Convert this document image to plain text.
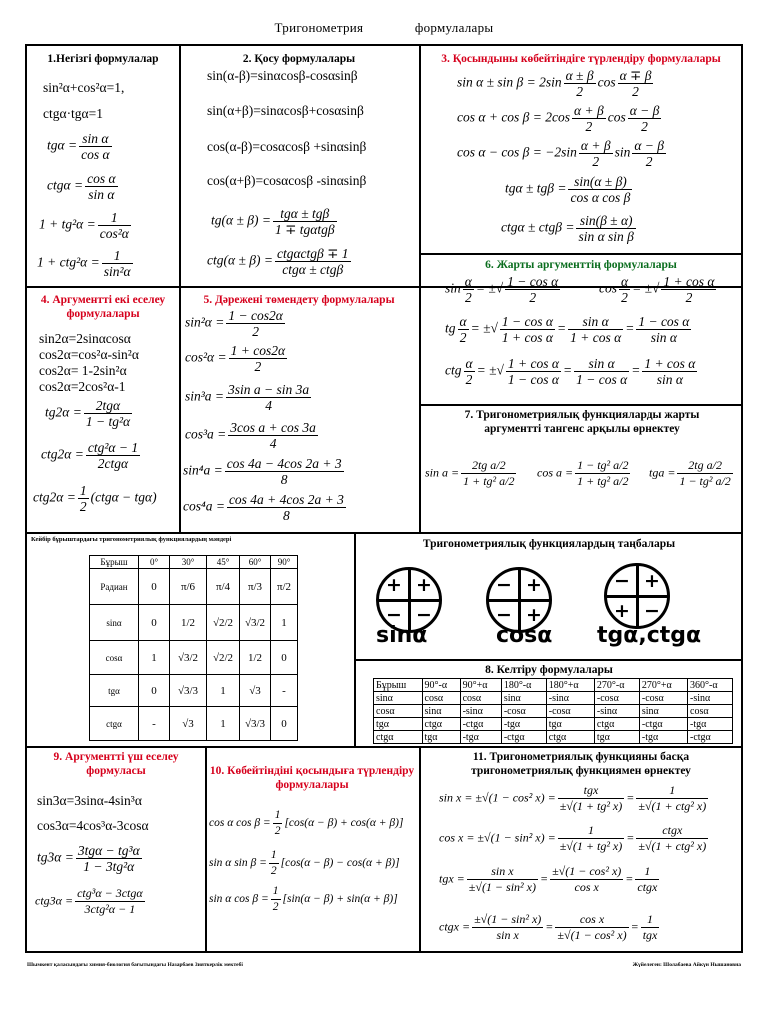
Тригонометрия	формулалары
1.Негізгі формулалар
sin²α+cos²α=1,
ctgα·tgα=1
$tg\alpha = \frac{\text{sin α}}{\text{cos α}}$
$ctg\alpha = \frac{\text{cos α}}{\text{sin α}}$
$1 + tg^2\alpha = \frac{1}{\text{cos²α}}$
$1 + ctg^2\alpha = \frac{1}{\text{sin²α}}$
2. Қосу формулалары
sin(α-β)=sinαcosβ-cosαsinβ
sin(α+β)=sinαcosβ+cosαsinβ
cos(α-β)=cosαcosβ +sinαsinβ
cos(α+β)=cosαcosβ -sinαsinβ
$tg(\alpha \pm \beta) = \frac{\text{tgα ± tgβ}}{\text{1 ∓ tgαtgβ}}$
$ctg(\alpha \pm \beta) = \frac{\text{ctgαctgβ ∓ 1}}{\text{ctgα ± ctgβ}}$
3. Қосындыны көбейтіндіге түрлендіру формулалары
$\sin \alpha \pm \sin \beta = 2\sin \frac{\alpha \pm \beta}{2}$ $\cos \frac{\alpha \mp \beta}{2}$
$\cos \alpha + \cos \beta = 2\cos \frac{\alpha + \beta}{2}$ $\cos \frac{\alpha - \beta}{2}$
$\cos \alpha - \cos \beta = -2\sin \frac{\alpha + \beta}{2}$ $\sin \frac{\alpha - \beta}{2}$
$tg\alpha \pm tg\beta = \frac{\sin(\alpha \pm \beta)}{\text{cos α cos β}}$
$ctg\alpha \pm ctg\beta = \frac{\sin(\beta \pm \alpha)}{\text{sin α sin β}}$
4. Аргументті екі еселеу формулалары
sin2α=2sinαcosα
cos2α=cos²α-sin²α
cos2α= 1-2sin²α
cos2α=2cos²α-1
$tg2\alpha = \frac{\text{2tgα}}{\text{1 − tg²α}}$
$ctg2\alpha = \frac{\text{ctg²α − 1}}{\text{2ctgα}}$
$ctg2\alpha = \frac{1}{2} (ctg\alpha - tg\alpha)$
5. Дәрежені төмендету формулалары
$\sin^2\alpha = \frac{1 - \cos 2\alpha}{2}$
$\cos^2\alpha = \frac{1 + \cos 2\alpha}{2}$
$\sin^3a = \frac{\text{3sin a − sin 3a}}{4}$
$\cos^3a = \frac{\text{3cos a + cos 3a}}{4}$
$\sin^4a = \frac{\cos 4a - 4\cos 2a + 3}{8}$
$\cos^4a = \frac{\cos 4a + 4\cos 2a + 3}{8}$
6. Жарты аргументтің формулалары
$\sin \frac{\alpha}{2}$ = ±√ $\frac{\text{1 − cos α}}{2}$	$\cos \frac{\alpha}{2}$ = ±√ $\frac{\text{1 + cos α}}{2}$
tg $\frac{\alpha}{2}$ = ±√ $\frac{\text{1 − cos α}}{\text{1 + cos α}} = \frac{\text{sin α}}{\text{1 + cos α}} = \frac{\text{1 − cos α}}{\text{sin α}}$
ctg $\frac{\alpha}{2}$ = ±√ $\frac{\text{1 + cos α}}{\text{1 − cos α}} = \frac{\text{sin α}}{\text{1 − cos α}} = \frac{\text{1 + cos α}}{\text{sin α}}$
7. Тригонометриялық функцияларды жарты аргументті тангенс арқылы өрнектеу
$\sin a = \frac{\text{2tg a/2}}{\text{1 + tg² a/2}}$ $\cos a = \frac{\text{1 − tg² a/2}}{\text{1 + tg² a/2}}$ tga = $\frac{\text{2tg a/2}}{\text{1 − tg² a/2}}$
Кейбір бұрыштардағы тригонометриялық функциялардың мәндері
Бұрыш	0°	30°	45°	60°	90°
Радиан	0	π/6	π/4	π/3	π/2
sinα	0	1/2	√2/2	√3/2	1
cosα	1	√3/2	√2/2	1/2	0
tgα	0	√3/3	1	√3	-
ctgα	-	√3	1	√3/3	0
Тригонометриялық функциялардың таңбалары
+ +
− −
sinα
− +
− +
cosα
− +
+ −
tgα,ctgα
8. Келтіру формулалары
Бұрыш	90°-α	90°+α	180°-α	180°+α	270°-α	270°+α	360°-α
sinα	cosα	cosα	sinα	-sinα	-cosα	-cosα	-sinα
cosα	sinα	-sinα	-cosα	-cosα	-sinα	sinα	cosα
tgα	ctgα	-ctgα	-tgα	tgα	ctgα	-ctgα	-tgα
ctgα	tgα	-tgα	-ctgα	ctgα	tgα	-tgα	-ctgα
9. Аргументті үш еселеу формуласы
sin3α=3sinα-4sin³α
cos3α=4cos³α-3cosα
$tg3\alpha = \frac{\text{3tgα − tg³α}}{\text{1 − 3tg²α}}$
$ctg3\alpha = \frac{\text{ctg³α − 3ctgα}}{\text{3ctg²α − 1}}$
10. Көбейтіндіні қосындыға түрлендіру формулалары
cos α $\cos \beta = \frac{1}{2} [\cos(\alpha - \beta) + \cos(\alpha + \beta)]$
sin α $\sin \beta = \frac{1}{2} [\cos(\alpha - \beta) - \cos(\alpha + \beta)]$
sin α $\cos \beta = \frac{1}{2} [\sin(\alpha - \beta) + \sin(\alpha + \beta)]$
11. Тригонометриялық функцияны басқа тригонометриялық функциямен өрнектеу
sin x = ±√(1 − cos² $x) = \frac{\text{tgx}}{\text{±√(1 + tg² x)}} = \frac{1}{\text{±√(1 + ctg² x)}}$
cos x = ±√(1 − sin² $x) = \frac{1}{\text{±√(1 + tg² x)}} = \frac{\text{ctgx}}{\text{±√(1 + ctg² x)}}$
tgx = $\frac{\text{sin x}}{\text{±√(1 − sin² x)}} = \frac{\text{±√(1 − cos² x)}}{\text{cos x}} = \frac{1}{\text{ctgx}}$
ctgx = $\frac{\text{±√(1 − sin² x)}}{\text{sin x}} = \frac{\text{cos x}}{\text{±√(1 − cos² x)}} = \frac{1}{\text{tgx}}$
Шымкент қаласындағы химия-биология бағытындағы Назарбаев Зияткерлік мектебі	Жүйелеген: Шолабаева Айкүн Нышановна
